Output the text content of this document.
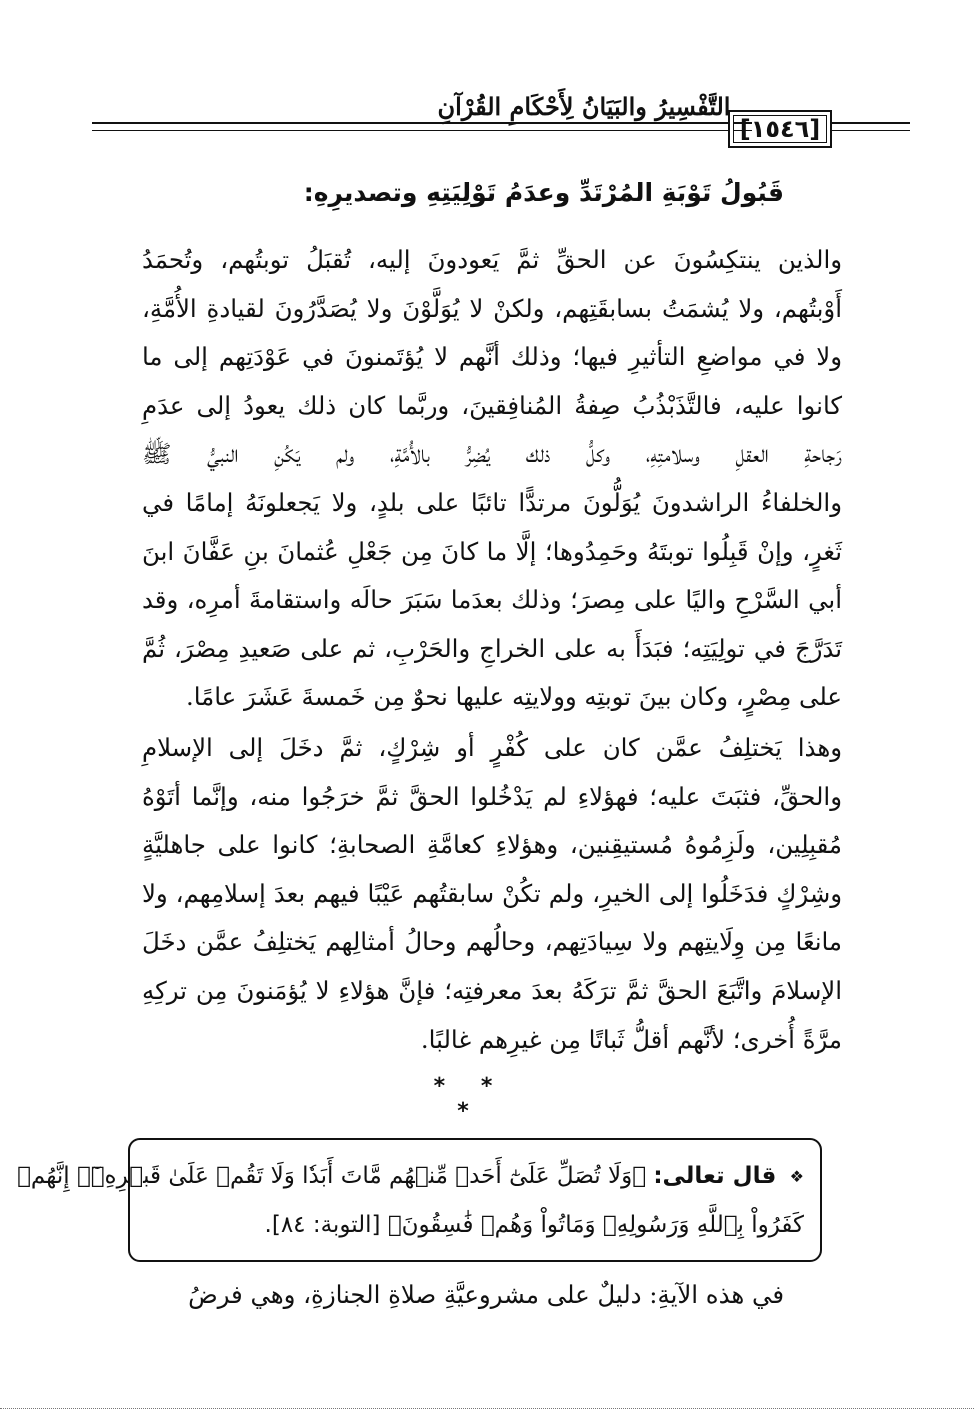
التَّفْسِيرُ والبَيَانُ لِأَحْكَامِ القُرْآنِ
[١٥٤٦]
قَبُولُ تَوْبَةِ المُرْتَدِّ وعدَمُ تَوْلِيَتِهِ وتصديرِهِ:

والذين ينتكِسُونَ عن الحقِّ ثمَّ يَعودونَ إليه، تُقبَلُ توبتُهم، وتُحمَدُ

أَوْبتُهم، ولا يُشمَتُ بسابقَتِهم، ولكنْ لا يُوَلَّوْنَ ولا يُصَدَّرُونَ لقيادةِ الأُمَّةِ،

ولا في مواضعِ التأثيرِ فيها؛ وذلك أنَّهم لا يُؤتَمنونَ في عَوْدَتِهم إلى ما

كانوا عليه، فالتَّذَبْذُبُ صِفةُ المُنافِقينَ، وربَّما كان ذلك يعودُ إلى عدَمِ

رَجاحةِ العقلِ وسلامتِهِ، وكلُّ ذلك يُضِرُّ بالأُمَّةِ، ولم يَكُنِ النبيُّ ﷺ

والخلفاءُ الراشدونَ يُوَلُّونَ مرتدًّا تائبًا على بلدٍ، ولا يَجعلونَهُ إمامًا في

ثَغرٍ، وإنْ قَبِلُوا توبتَهُ وحَمِدُوها؛ إلَّا ما كانَ مِن جَعْلِ عُثمانَ بنِ عَفَّانَ ابنَ

أبي السَّرْحِ واليًا على مِصرَ؛ وذلك بعدَما سَبَرَ حالَه واستقامةَ أمرِه، وقد

تَدَرَّجَ في تولِيَتِه؛ فبَدَأَ به على الخراجِ والحَرْبِ، ثم على صَعيدِ مِصْرَ، ثُمَّ

على مِصْرٍ، وكان بينَ توبتِه وولايتِه عليها نحوٌ مِن خَمسةَ عَشَرَ عامًا.

وهذا يَختلِفُ عمَّن كان على كُفْرٍ أو شِرْكٍ، ثمَّ دخَلَ إلى الإسلامِ

والحقِّ، فثبَتَ عليه؛ فهؤلاءِ لم يَدْخُلوا الحقَّ ثمَّ خرَجُوا منه، وإنَّما أتَوْهُ

مُقبِلِين، ولَزِمُوهُ مُستيقِنين، وهؤلاءِ كعامَّةِ الصحابةِ؛ كانوا على جاهليَّةٍ

وشِرْكٍ فدَخَلُوا إلى الخيرِ، ولم تكُنْ سابقتُهم عَيْبًا فيهم بعدَ إسلامِهم، ولا

مانعًا مِن وِلَايتِهم ولا سِيادَتِهم، وحالُهم وحالُ أمثالِهم يَختلِفُ عمَّن دخَلَ

الإسلامَ واتَّبَعَ الحقَّ ثمَّ ترَكَهُ بعدَ معرفتِه؛ فإنَّ هؤلاءِ لا يُؤمَنونَ مِن تركِهِ

مرَّةً أُخرى؛ لأنَّهم أقلُّ ثَباتًا مِن غيرِهم غالبًا.

* * *

❖ قال تعالى: ﴿وَلَا تُصَلِّ عَلَىٰٓ أَحَدٖ مِّنۡهُم مَّاتَ أَبَدٗا وَلَا تَقُمۡ عَلَىٰ قَبۡرِهِۦٓۖ إِنَّهُمۡ

كَفَرُواْ بِٱللَّهِ وَرَسُولِهِۦ وَمَاتُواْ وَهُمۡ فَٰسِقُونَ﴾ [التوبة: ٨٤].

في هذه الآيةِ: دليلٌ على مشروعيَّةِ صلاةِ الجنازةِ، وهي فرضُ
